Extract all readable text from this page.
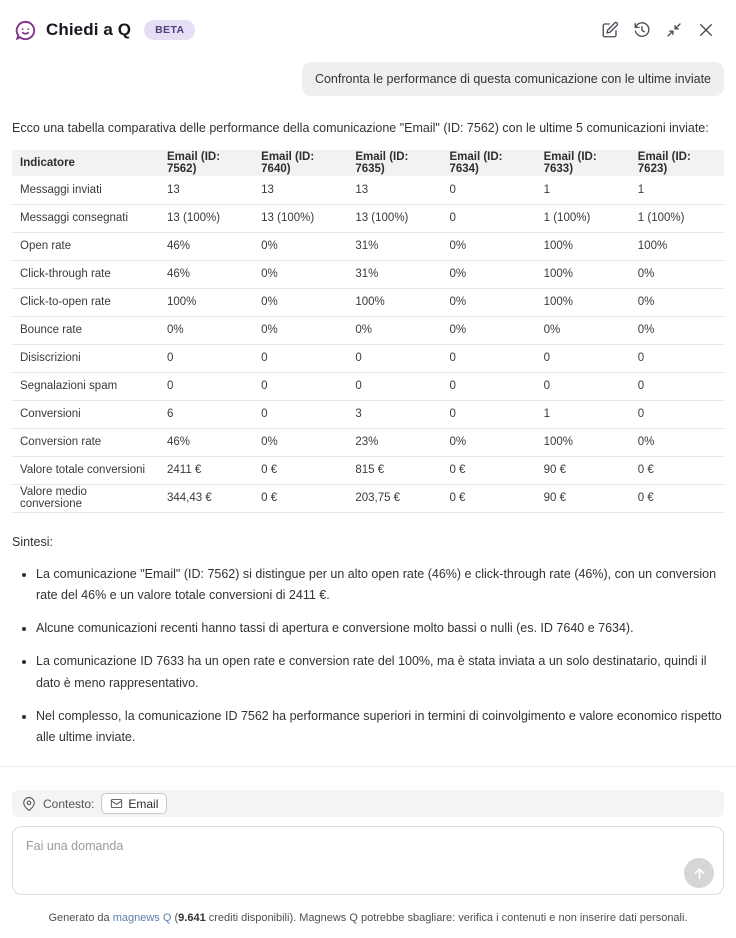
Chiedi a Q	BETA
Confronta le performance di questa comunicazione con le ultime inviate

Ecco una tabella comparativa delle performance della comunicazione "Email" (ID: 7562) con le ultime 5 comunicazioni inviate:

Indicatore	Email (ID: 7562)	Email (ID: 7640)	Email (ID: 7635)	Email (ID: 7634)	Email (ID: 7633)	Email (ID: 7623)
Messaggi inviati	13	13	13	0	1	1
Messaggi consegnati	13 (100%)	13 (100%)	13 (100%)	0	1 (100%)	1 (100%)
Open rate	46%	0%	31%	0%	100%	100%
Click-through rate	46%	0%	31%	0%	100%	0%
Click-to-open rate	100%	0%	100%	0%	100%	0%
Bounce rate	0%	0%	0%	0%	0%	0%
Disiscrizioni	0	0	0	0	0	0
Segnalazioni spam	0	0	0	0	0	0
Conversioni	6	0	3	0	1	0
Conversion rate	46%	0%	23%	0%	100%	0%
Valore totale conversioni	2411 €	0 €	815 €	0 €	90 €	0 €
Valore medio conversione	344,43 €	0 €	203,75 €	0 €	90 €	0 €

Sintesi:

• La comunicazione "Email" (ID: 7562) si distingue per un alto open rate (46%) e click-through rate (46%), con un conversion rate del 46% e un valore totale conversioni di 2411 €.
• Alcune comunicazioni recenti hanno tassi di apertura e conversione molto bassi o nulli (es. ID 7640 e 7634).
• La comunicazione ID 7633 ha un open rate e conversion rate del 100%, ma è stata inviata a un solo destinatario, quindi il dato è meno rappresentativo.
• Nel complesso, la comunicazione ID 7562 ha performance superiori in termini di coinvolgimento e valore economico rispetto alle ultime inviate.
Contesto:	Email
Fai una domanda

Generato da magnews Q (9.641 crediti disponibili). Magnews Q potrebbe sbagliare: verifica i contenuti e non inserire dati personali.
